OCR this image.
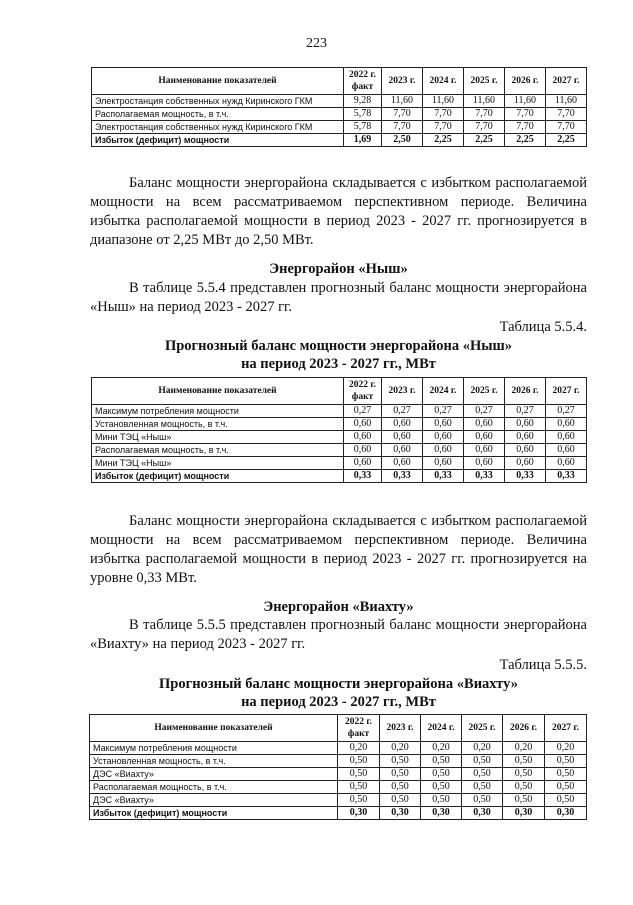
223
Наименование показателей	2022 г. факт	2023 г.	2024 г.	2025 г.	2026 г.	2027 г.
Электростанция собственных нужд Киринского ГКМ	9,28	11,60	11,60	11,60	11,60	11,60
Располагаемая мощность, в т.ч.	5,78	7,70	7,70	7,70	7,70	7,70
Электростанция собственных нужд Киринского ГКМ	5,78	7,70	7,70	7,70	7,70	7,70
Избыток (дефицит) мощности	1,69	2,50	2,25	2,25	2,25	2,25
Баланс мощности энергорайона складывается с избытком располагаемой мощности на всем рассматриваемом перспективном периоде. Величина избытка располагаемой мощности в период 2023 - 2027 гг. прогнозируется в диапазоне от 2,25 МВт до 2,50 МВт.
Энергорайон «Ныш»
В таблице 5.5.4 представлен прогнозный баланс мощности энергорайона «Ныш» на период 2023 - 2027 гг.
Таблица 5.5.4.
Прогнозный баланс мощности энергорайона «Ныш»
на период 2023 - 2027 гг., МВт
Наименование показателей	2022 г. факт	2023 г.	2024 г.	2025 г.	2026 г.	2027 г.
Максимум потребления мощности	0,27	0,27	0,27	0,27	0,27	0,27
Установленная мощность, в т.ч.	0,60	0,60	0,60	0,60	0,60	0,60
Мини ТЭЦ «Ныш»	0,60	0,60	0,60	0,60	0,60	0,60
Располагаемая мощность, в т.ч.	0,60	0,60	0,60	0,60	0,60	0,60
Мини ТЭЦ «Ныш»	0,60	0,60	0,60	0,60	0,60	0,60
Избыток (дефицит) мощности	0,33	0,33	0,33	0,33	0,33	0,33
Баланс мощности энергорайона складывается с избытком располагаемой мощности на всем рассматриваемом перспективном периоде. Величина избытка располагаемой мощности в период 2023 - 2027 гг. прогнозируется на уровне 0,33 МВт.
Энергорайон «Виахту»
В таблице 5.5.5 представлен прогнозный баланс мощности энергорайона «Виахту» на период 2023 - 2027 гг.
Таблица 5.5.5.
Прогнозный баланс мощности энергорайона «Виахту»
на период 2023 - 2027 гг., МВт
Наименование показателей	2022 г. факт	2023 г.	2024 г.	2025 г.	2026 г.	2027 г.
Максимум потребления мощности	0,20	0,20	0,20	0,20	0,20	0,20
Установленная мощность, в т.ч.	0,50	0,50	0,50	0,50	0,50	0,50
ДЭС «Виахту»	0,50	0,50	0,50	0,50	0,50	0,50
Располагаемая мощность, в т.ч.	0,50	0,50	0,50	0,50	0,50	0,50
ДЭС «Виахту»	0,50	0,50	0,50	0,50	0,50	0,50
Избыток (дефицит) мощности	0,30	0,30	0,30	0,30	0,30	0,30
